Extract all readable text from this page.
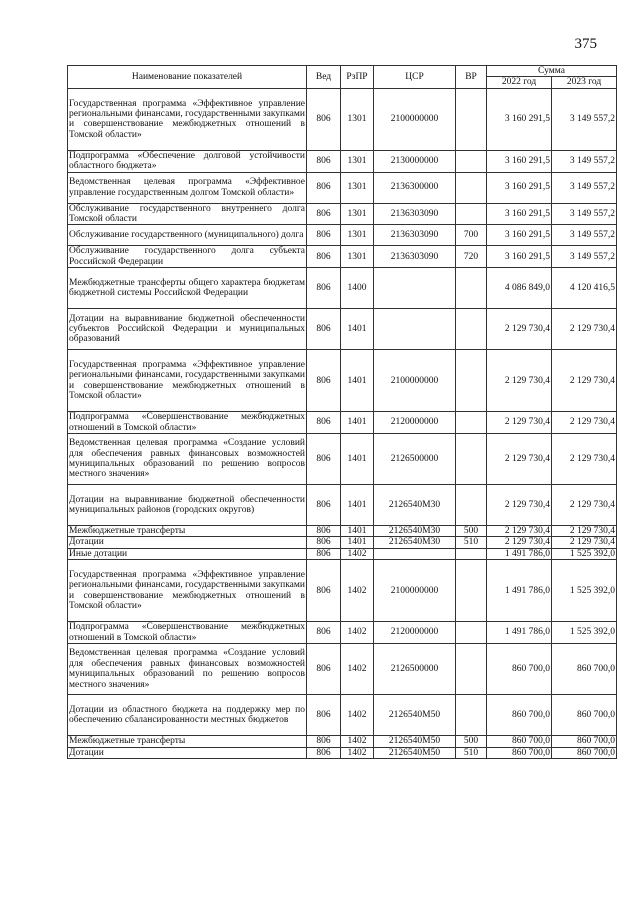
375
Наименование показателей	Вед	РзПР	ЦСР	ВР	Сумма	
					2022 год	2023 год
Государственная программа «Эффективное управление региональными финансами, государственными закупками и совершенствование межбюджетных отношений в Томской области»	806	1301	2100000000		3 160 291,5	3 149 557,2
Подпрограмма «Обеспечение долговой устойчивости областного бюджета»	806	1301	2130000000		3 160 291,5	3 149 557,2
Ведомственная целевая программа «Эффективное управление государственным долгом Томской области»	806	1301	2136300000		3 160 291,5	3 149 557,2
Обслуживание государственного внутреннего долга Томской области	806	1301	2136303090		3 160 291,5	3 149 557,2
Обслуживание государственного (муниципального) долга	806	1301	2136303090	700	3 160 291,5	3 149 557,2
Обслуживание государственного долга субъекта Российской Федерации	806	1301	2136303090	720	3 160 291,5	3 149 557,2
Межбюджетные трансферты общего характера бюджетам бюджетной системы Российской Федерации	806	1400			4 086 849,0	4 120 416,5
Дотации на выравнивание бюджетной обеспеченности субъектов Российской Федерации и муниципальных образований	806	1401			2 129 730,4	2 129 730,4
Государственная программа «Эффективное управление региональными финансами, государственными закупками и совершенствование межбюджетных отношений в Томской области»	806	1401	2100000000		2 129 730,4	2 129 730,4
Подпрограмма «Совершенствование межбюджетных отношений в Томской области»	806	1401	2120000000		2 129 730,4	2 129 730,4
Ведомственная целевая программа «Создание условий для обеспечения равных финансовых возможностей муниципальных образований по решению вопросов местного значения»	806	1401	2126500000		2 129 730,4	2 129 730,4
Дотации на выравнивание бюджетной обеспеченности муниципальных районов (городских округов)	806	1401	2126540М30		2 129 730,4	2 129 730,4
Межбюджетные трансферты	806	1401	2126540М30	500	2 129 730,4	2 129 730,4
Дотации	806	1401	2126540М30	510	2 129 730,4	2 129 730,4
Иные дотации	806	1402			1 491 786,0	1 525 392,0
Государственная программа «Эффективное управление региональными финансами, государственными закупками и совершенствование межбюджетных отношений в Томской области»	806	1402	2100000000		1 491 786,0	1 525 392,0
Подпрограмма «Совершенствование межбюджетных отношений в Томской области»	806	1402	2120000000		1 491 786,0	1 525 392,0
Ведомственная целевая программа «Создание условий для обеспечения равных финансовых возможностей муниципальных образований по решению вопросов местного значения»	806	1402	2126500000		860 700,0	860 700,0
Дотации из областного бюджета на поддержку мер по обеспечению сбалансированности местных бюджетов	806	1402	2126540М50		860 700,0	860 700,0
Межбюджетные трансферты	806	1402	2126540М50	500	860 700,0	860 700,0
Дотации	806	1402	2126540М50	510	860 700,0	860 700,0
